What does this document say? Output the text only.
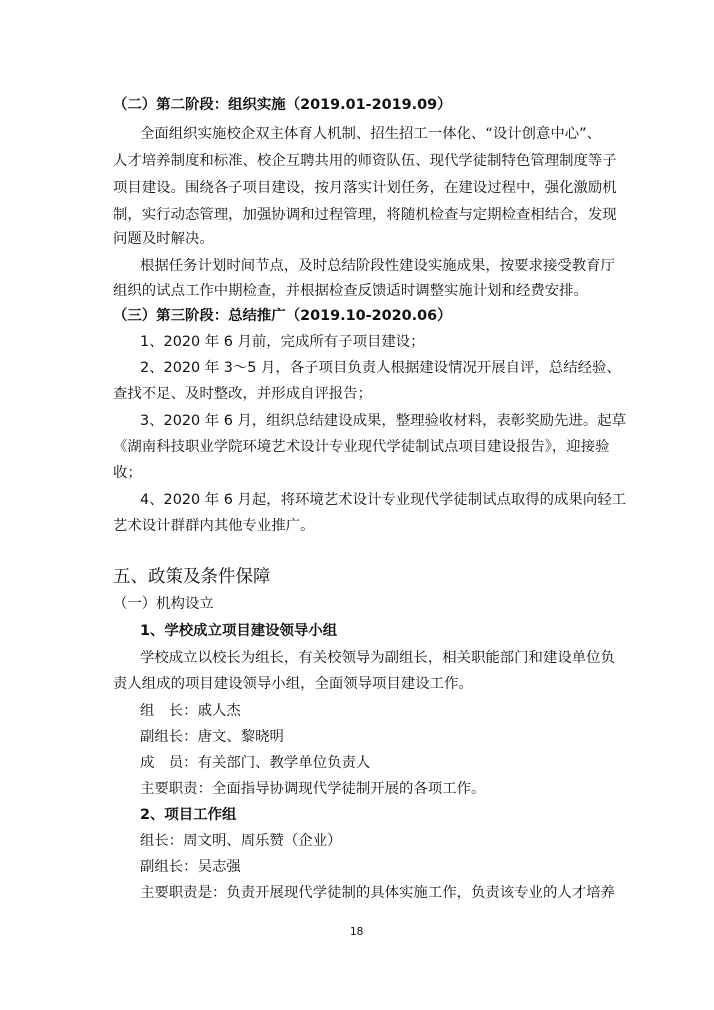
（二）第二阶段：组织实施（2019.01-2019.09）
全面组织实施校企双主体育人机制、招生招工一体化、“设计创意中心”、
人才培养制度和标准、校企互聘共用的师资队伍、现代学徒制特色管理制度等子
项目建设。围绕各子项目建设，按月落实计划任务，在建设过程中，强化激励机
制，实行动态管理，加强协调和过程管理，将随机检查与定期检查相结合，发现
问题及时解决。
根据任务计划时间节点，及时总结阶段性建设实施成果，按要求接受教育厅
组织的试点工作中期检查，并根据检查反馈适时调整实施计划和经费安排。
（三）第三阶段：总结推广（2019.10-2020.06）
1、2020 年 6 月前，完成所有子项目建设；
2、2020 年 3～5 月，各子项目负责人根据建设情况开展自评，总结经验、
查找不足、及时整改，并形成自评报告；
3、2020 年 6 月，组织总结建设成果，整理验收材料，表彰奖励先进。起草
《湖南科技职业学院环境艺术设计专业现代学徒制试点项目建设报告》，迎接验
收；
4、2020 年 6 月起，将环境艺术设计专业现代学徒制试点取得的成果向轻工
艺术设计群群内其他专业推广。
五、政策及条件保障
（一）机构设立
1、学校成立项目建设领导小组
学校成立以校长为组长，有关校领导为副组长，相关职能部门和建设单位负
责人组成的项目建设领导小组，全面领导项目建设工作。
组　长：戚人杰
副组长：唐文、黎晓明
成　员：有关部门、教学单位负责人
主要职责：全面指导协调现代学徒制开展的各项工作。
2、项目工作组
组长：周文明、周乐赞（企业）
副组长：吴志强
主要职责是：负责开展现代学徒制的具体实施工作，负责该专业的人才培养
18
